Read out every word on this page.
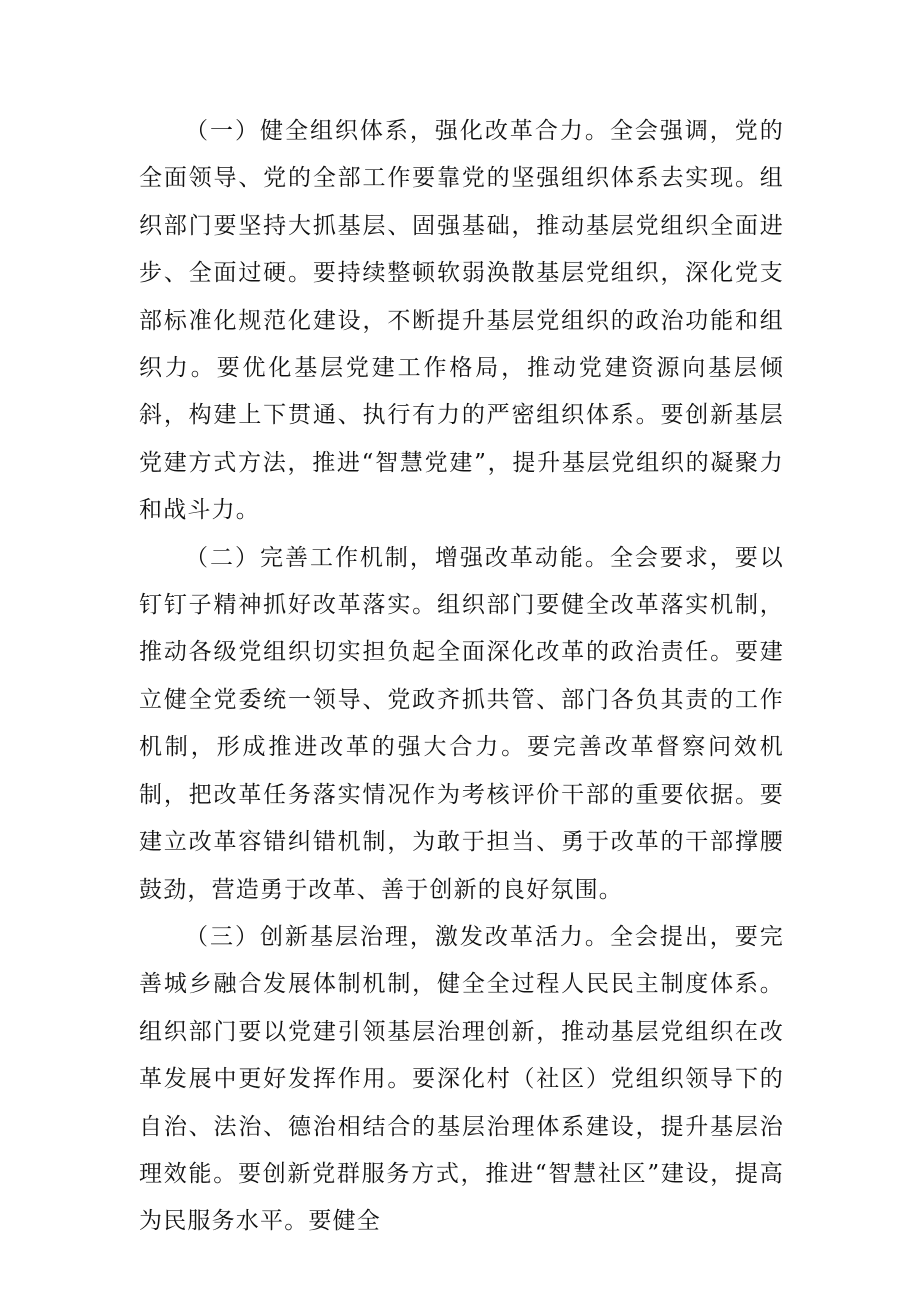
（一）健全组织体系，强化改革合力。全会强调，党的全面领导、党的全部工作要靠党的坚强组织体系去实现。组织部门要坚持大抓基层、固强基础，推动基层党组织全面进步、全面过硬。要持续整顿软弱涣散基层党组织，深化党支部标准化规范化建设，不断提升基层党组织的政治功能和组织力。要优化基层党建工作格局，推动党建资源向基层倾斜，构建上下贯通、执行有力的严密组织体系。要创新基层党建方式方法，推进“智慧党建”，提升基层党组织的凝聚力和战斗力。

（二）完善工作机制，增强改革动能。全会要求，要以钉钉子精神抓好改革落实。组织部门要健全改革落实机制，推动各级党组织切实担负起全面深化改革的政治责任。要建立健全党委统一领导、党政齐抓共管、部门各负其责的工作机制，形成推进改革的强大合力。要完善改革督察问效机制，把改革任务落实情况作为考核评价干部的重要依据。要建立改革容错纠错机制，为敢于担当、勇于改革的干部撑腰鼓劲，营造勇于改革、善于创新的良好氛围。

（三）创新基层治理，激发改革活力。全会提出，要完善城乡融合发展体制机制，健全全过程人民民主制度体系。组织部门要以党建引领基层治理创新，推动基层党组织在改革发展中更好发挥作用。要深化村（社区）党组织领导下的自治、法治、德治相结合的基层治理体系建设，提升基层治理效能。要创新党群服务方式，推进“智慧社区”建设，提高为民服务水平。要健全
